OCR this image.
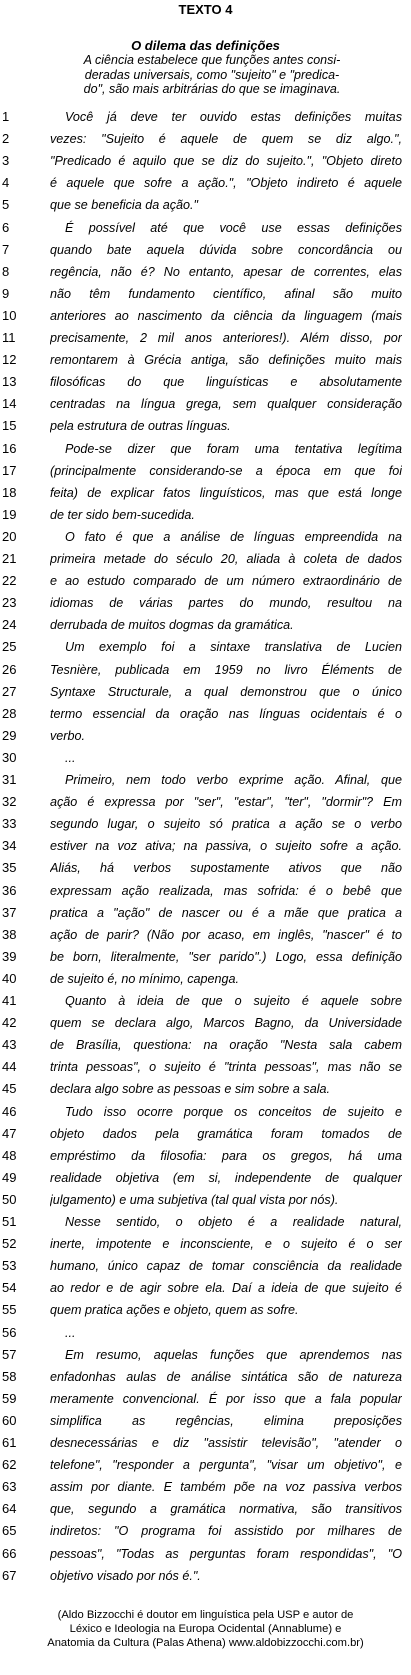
TEXTO 4
O dilema das definições
A ciência estabelece que funções antes consi-
deradas universais, como "sujeito" e "predica-
do", são mais arbitrárias do que se imaginava.
1	Você já deve ter ouvido estas definições muitas
2	vezes: "Sujeito é aquele de quem se diz algo.",
3	"Predicado é aquilo que se diz do sujeito.", "Objeto direto
4	é aquele que sofre a ação.", "Objeto indireto é aquele
5	que se beneficia da ação."
6	É possível até que você use essas definições
7	quando bate aquela dúvida sobre concordância ou
8	regência, não é? No entanto, apesar de correntes, elas
9	não têm fundamento científico, afinal são muito
10	anteriores ao nascimento da ciência da linguagem (mais
11	precisamente, 2 mil anos anteriores!). Além disso, por
12	remontarem à Grécia antiga, são definições muito mais
13	filosóficas do que linguísticas e absolutamente
14	centradas na língua grega, sem qualquer consideração
15	pela estrutura de outras línguas.
16	Pode-se dizer que foram uma tentativa legítima
17	(principalmente considerando-se a época em que foi
18	feita) de explicar fatos linguísticos, mas que está longe
19	de ter sido bem-sucedida.
20	O fato é que a análise de línguas empreendida na
21	primeira metade do século 20, aliada à coleta de dados
22	e ao estudo comparado de um número extraordinário de
23	idiomas de várias partes do mundo, resultou na
24	derrubada de muitos dogmas da gramática.
25	Um exemplo foi a sintaxe translativa de Lucien
26	Tesnière, publicada em 1959 no livro Éléments de
27	Syntaxe Structurale, a qual demonstrou que o único
28	termo essencial da oração nas línguas ocidentais é o
29	verbo.
30	...
31	Primeiro, nem todo verbo exprime ação. Afinal, que
32	ação é expressa por "ser", "estar", "ter", "dormir"? Em
33	segundo lugar, o sujeito só pratica a ação se o verbo
34	estiver na voz ativa; na passiva, o sujeito sofre a ação.
35	Aliás, há verbos supostamente ativos que não
36	expressam ação realizada, mas sofrida: é o bebê que
37	pratica a "ação" de nascer ou é a mãe que pratica a
38	ação de parir? (Não por acaso, em inglês, "nascer" é to
39	be born, literalmente, "ser parido".) Logo, essa definição
40	de sujeito é, no mínimo, capenga.
41	Quanto à ideia de que o sujeito é aquele sobre
42	quem se declara algo, Marcos Bagno, da Universidade
43	de Brasília, questiona: na oração "Nesta sala cabem
44	trinta pessoas", o sujeito é "trinta pessoas", mas não se
45	declara algo sobre as pessoas e sim sobre a sala.
46	Tudo isso ocorre porque os conceitos de sujeito e
47	objeto dados pela gramática foram tomados de
48	empréstimo da filosofia: para os gregos, há uma
49	realidade objetiva (em si, independente de qualquer
50	julgamento) e uma subjetiva (tal qual vista por nós).
51	Nesse sentido, o objeto é a realidade natural,
52	inerte, impotente e inconsciente, e o sujeito é o ser
53	humano, único capaz de tomar consciência da realidade
54	ao redor e de agir sobre ela. Daí a ideia de que sujeito é
55	quem pratica ações e objeto, quem as sofre.
56	...
57	Em resumo, aquelas funções que aprendemos nas
58	enfadonhas aulas de análise sintática são de natureza
59	meramente convencional. É por isso que a fala popular
60	simplifica as regências, elimina preposições
61	desnecessárias e diz "assistir televisão", "atender o
62	telefone", "responder a pergunta", "visar um objetivo", e
63	assim por diante. E também põe na voz passiva verbos
64	que, segundo a gramática normativa, são transitivos
65	indiretos: "O programa foi assistido por milhares de
66	pessoas", "Todas as perguntas foram respondidas", "O
67	objetivo visado por nós é.".
(Aldo Bizzocchi é doutor em linguística pela USP e autor de
Léxico e Ideologia na Europa Ocidental (Annablume) e
Anatomia da Cultura (Palas Athena) www.aldobizzocchi.com.br)
